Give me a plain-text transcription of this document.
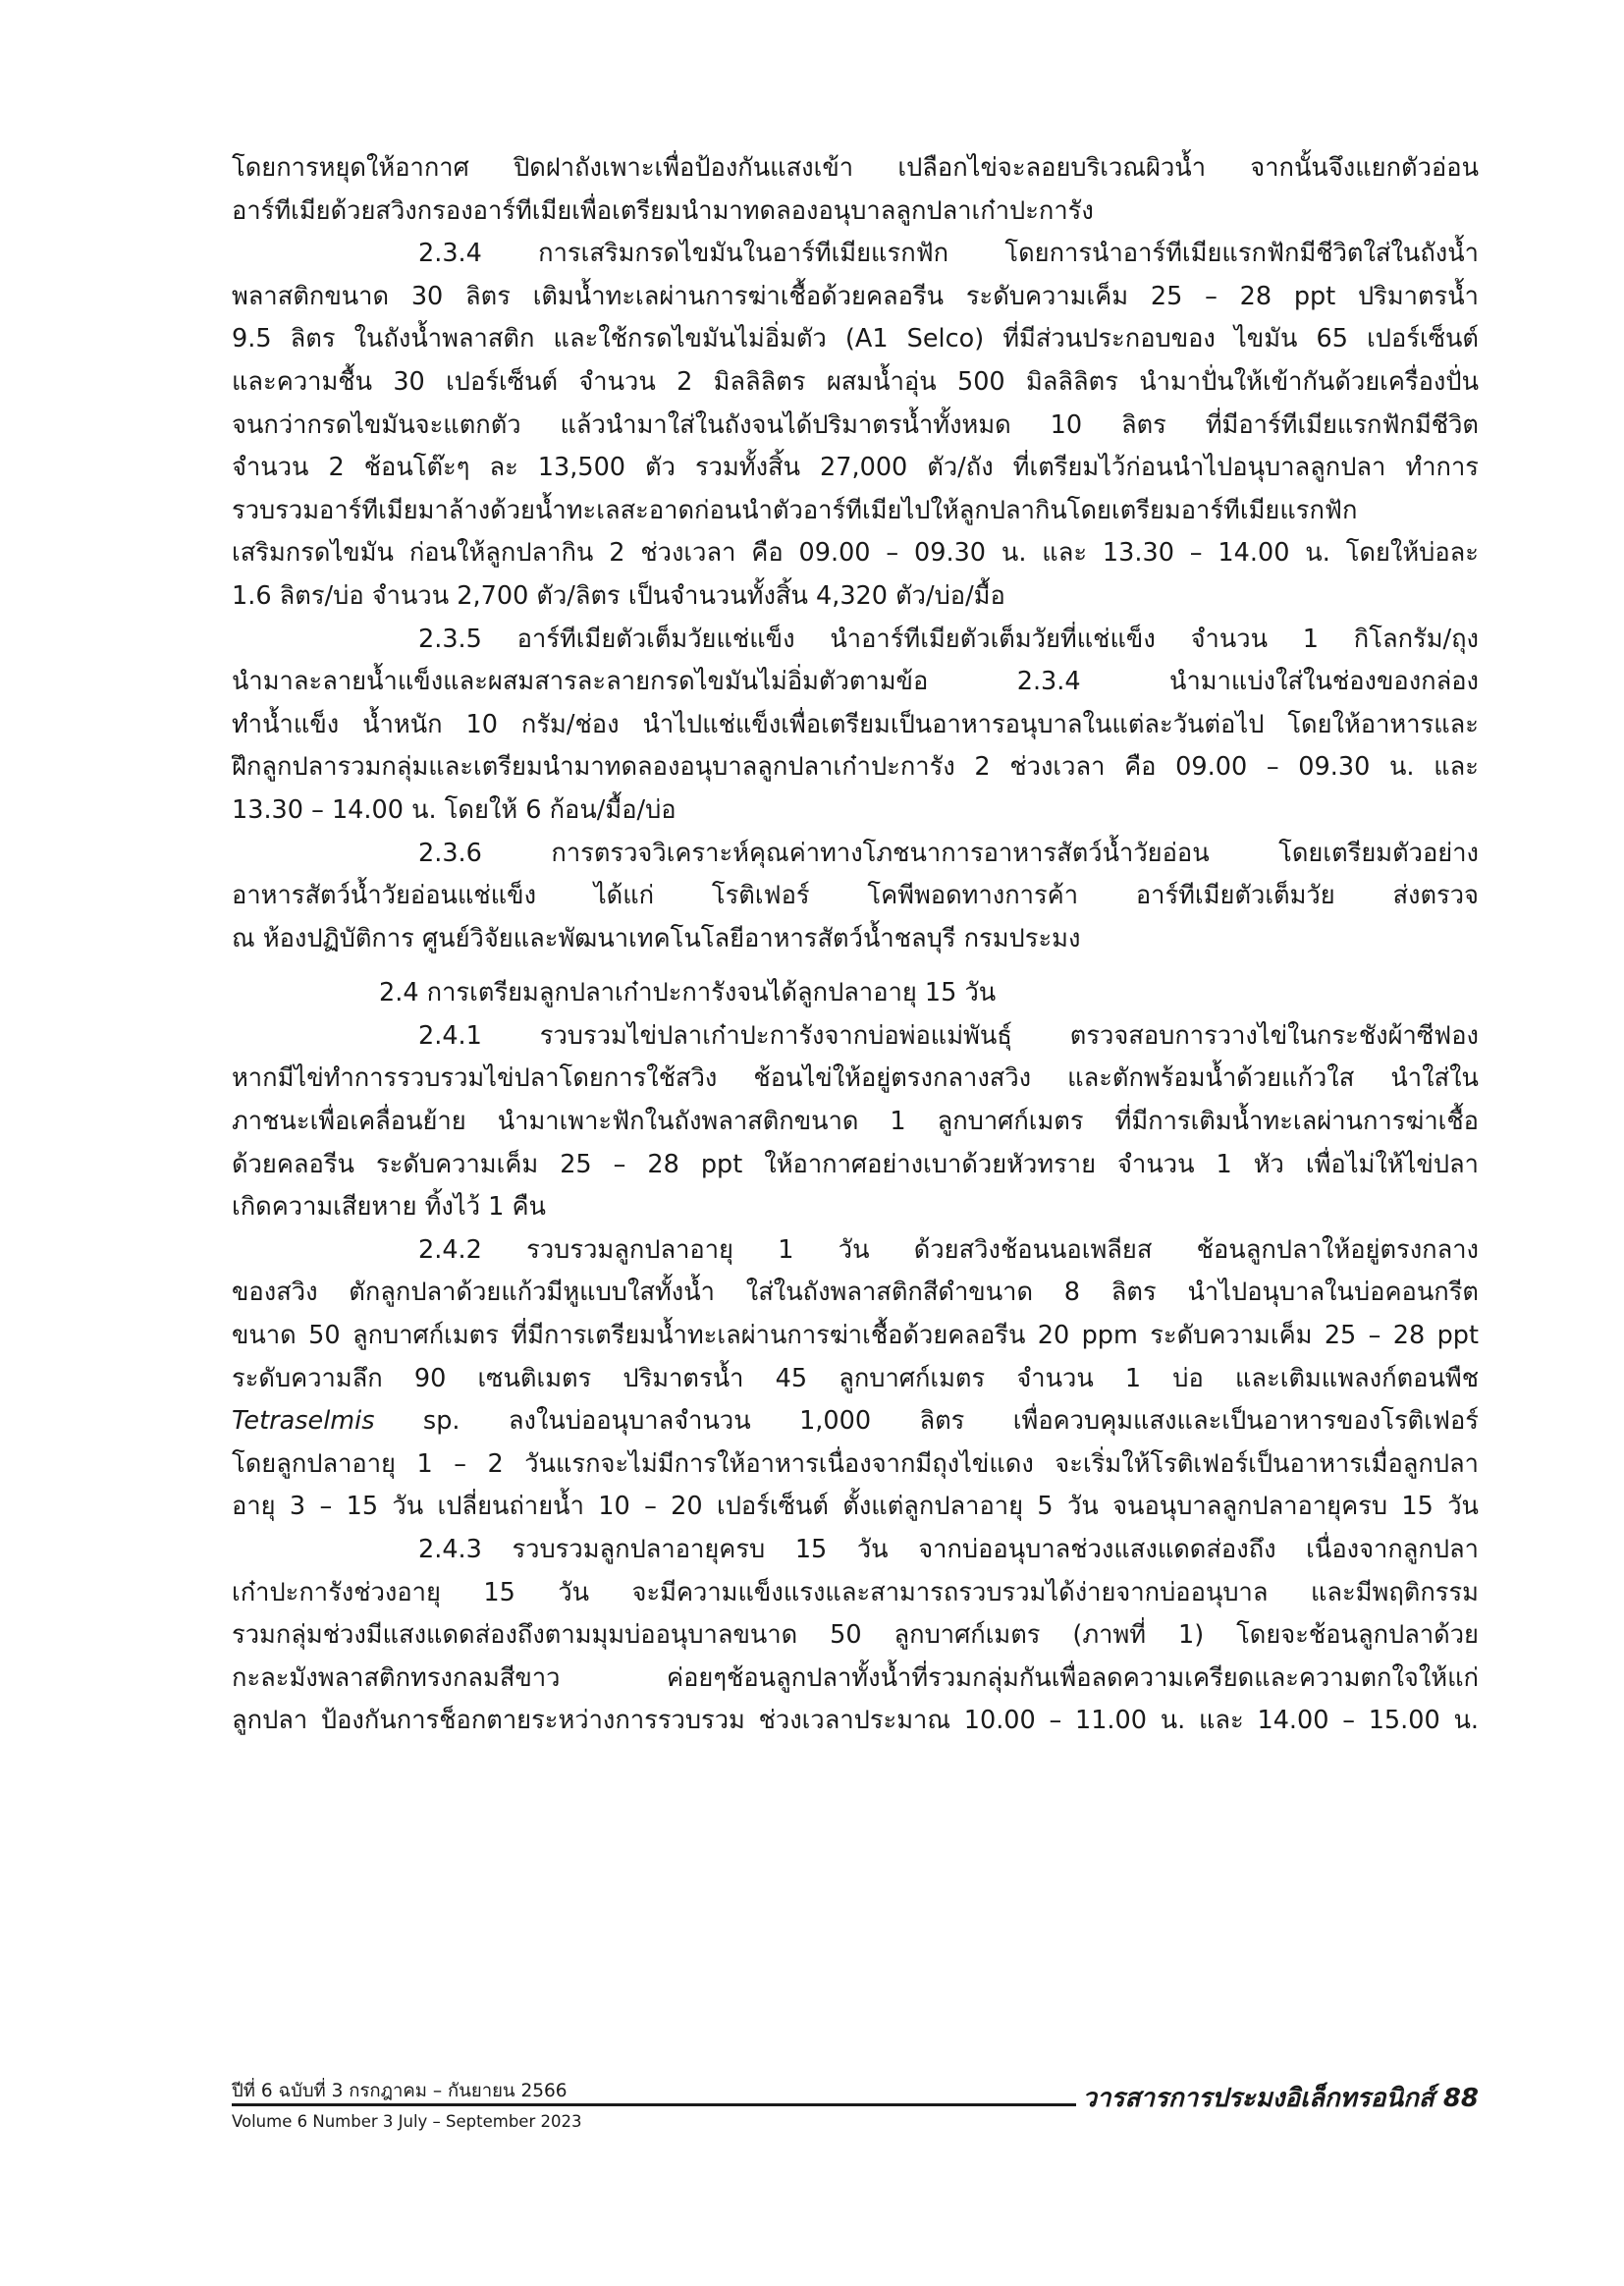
โดยการหยุดให้อากาศ ปิดฝาถังเพาะเพื่อป้องกันแสงเข้า เปลือกไข่จะลอยบริเวณผิวน้ำ จากนั้นจึงแยกตัวอ่อน
อาร์ทีเมียด้วยสวิงกรองอาร์ทีเมียเพื่อเตรียมนำมาทดลองอนุบาลลูกปลาเก๋าปะการัง
2.3.4 การเสริมกรดไขมันในอาร์ทีเมียแรกฟัก โดยการนำอาร์ทีเมียแรกฟักมีชีวิตใส่ในถังน้ำ
พลาสติกขนาด 30 ลิตร เติมน้ำทะเลผ่านการฆ่าเชื้อด้วยคลอรีน ระดับความเค็ม 25 – 28 ppt ปริมาตรน้ำ
9.5 ลิตร ในถังน้ำพลาสติก และใช้กรดไขมันไม่อิ่มตัว (A1 Selco) ที่มีส่วนประกอบของ ไขมัน 65 เปอร์เซ็นต์
และความชื้น 30 เปอร์เซ็นต์ จำนวน 2 มิลลิลิตร ผสมน้ำอุ่น 500 มิลลิลิตร นำมาปั่นให้เข้ากันด้วยเครื่องปั่น
จนกว่ากรดไขมันจะแตกตัว แล้วนำมาใส่ในถังจนได้ปริมาตรน้ำทั้งหมด 10 ลิตร ที่มีอาร์ทีเมียแรกฟักมีชีวิต
จำนวน 2 ช้อนโต๊ะๆ ละ 13,500 ตัว รวมทั้งสิ้น 27,000 ตัว/ถัง ที่เตรียมไว้ก่อนนำไปอนุบาลลูกปลา ทำการ
รวบรวมอาร์ทีเมียมาล้างด้วยน้ำทะเลสะอาดก่อนนำตัวอาร์ทีเมียไปให้ลูกปลากินโดยเตรียมอาร์ทีเมียแรกฟัก
เสริมกรดไขมัน ก่อนให้ลูกปลากิน 2 ช่วงเวลา คือ 09.00 – 09.30 น. และ 13.30 – 14.00 น. โดยให้บ่อละ
1.6 ลิตร/บ่อ จำนวน 2,700 ตัว/ลิตร เป็นจำนวนทั้งสิ้น 4,320 ตัว/บ่อ/มื้อ
2.3.5 อาร์ทีเมียตัวเต็มวัยแช่แข็ง นำอาร์ทีเมียตัวเต็มวัยที่แช่แข็ง จำนวน 1 กิโลกรัม/ถุง
นำมาละลายน้ำแข็งและผสมสารละลายกรดไขมันไม่อิ่มตัวตามข้อ 2.3.4 นำมาแบ่งใส่ในช่องของกล่อง
ทำน้ำแข็ง น้ำหนัก 10 กรัม/ช่อง นำไปแช่แข็งเพื่อเตรียมเป็นอาหารอนุบาลในแต่ละวันต่อไป โดยให้อาหารและ
ฝึกลูกปลารวมกลุ่มและเตรียมนำมาทดลองอนุบาลลูกปลาเก๋าปะการัง 2 ช่วงเวลา คือ 09.00 – 09.30 น. และ
13.30 – 14.00 น. โดยให้ 6 ก้อน/มื้อ/บ่อ
2.3.6 การตรวจวิเคราะห์คุณค่าทางโภชนาการอาหารสัตว์น้ำวัยอ่อน โดยเตรียมตัวอย่าง
อาหารสัตว์น้ำวัยอ่อนแช่แข็ง ได้แก่ โรติเฟอร์ โคพีพอดทางการค้า อาร์ทีเมียตัวเต็มวัย ส่งตรวจ
ณ ห้องปฏิบัติการ ศูนย์วิจัยและพัฒนาเทคโนโลยีอาหารสัตว์น้ำชลบุรี กรมประมง
2.4 การเตรียมลูกปลาเก๋าปะการังจนได้ลูกปลาอายุ 15 วัน
2.4.1 รวบรวมไข่ปลาเก๋าปะการังจากบ่อพ่อแม่พันธุ์ ตรวจสอบการวางไข่ในกระชังผ้าซีฟอง
หากมีไข่ทำการรวบรวมไข่ปลาโดยการใช้สวิง ช้อนไข่ให้อยู่ตรงกลางสวิง และตักพร้อมน้ำด้วยแก้วใส นำใส่ใน
ภาชนะเพื่อเคลื่อนย้าย นำมาเพาะฟักในถังพลาสติกขนาด 1 ลูกบาศก์เมตร ที่มีการเติมน้ำทะเลผ่านการฆ่าเชื้อ
ด้วยคลอรีน ระดับความเค็ม 25 – 28 ppt ให้อากาศอย่างเบาด้วยหัวทราย จำนวน 1 หัว เพื่อไม่ให้ไข่ปลา
เกิดความเสียหาย ทิ้งไว้ 1 คืน
2.4.2 รวบรวมลูกปลาอายุ 1 วัน ด้วยสวิงช้อนนอเพลียส ช้อนลูกปลาให้อยู่ตรงกลาง
ของสวิง ตักลูกปลาด้วยแก้วมีหูแบบใสทั้งน้ำ ใส่ในถังพลาสติกสีดำขนาด 8 ลิตร นำไปอนุบาลในบ่อคอนกรีต
ขนาด 50 ลูกบาศก์เมตร ที่มีการเตรียมน้ำทะเลผ่านการฆ่าเชื้อด้วยคลอรีน 20 ppm ระดับความเค็ม 25 – 28 ppt
ระดับความลึก 90 เซนติเมตร ปริมาตรน้ำ 45 ลูกบาศก์เมตร จำนวน 1 บ่อ และเติมแพลงก์ตอนพืช
Tetraselmis sp. ลงในบ่ออนุบาลจำนวน 1,000 ลิตร เพื่อควบคุมแสงและเป็นอาหารของโรติเฟอร์
โดยลูกปลาอายุ 1 – 2 วันแรกจะไม่มีการให้อาหารเนื่องจากมีถุงไข่แดง จะเริ่มให้โรติเฟอร์เป็นอาหารเมื่อลูกปลา
อายุ 3 – 15 วัน เปลี่ยนถ่ายน้ำ 10 – 20 เปอร์เซ็นต์ ตั้งแต่ลูกปลาอายุ 5 วัน จนอนุบาลลูกปลาอายุครบ 15 วัน
2.4.3 รวบรวมลูกปลาอายุครบ 15 วัน จากบ่ออนุบาลช่วงแสงแดดส่องถึง เนื่องจากลูกปลา
เก๋าปะการังช่วงอายุ 15 วัน จะมีความแข็งแรงและสามารถรวบรวมได้ง่ายจากบ่ออนุบาล และมีพฤติกรรม
รวมกลุ่มช่วงมีแสงแดดส่องถึงตามมุมบ่ออนุบาลขนาด 50 ลูกบาศก์เมตร (ภาพที่ 1) โดยจะช้อนลูกปลาด้วย
กะละมังพลาสติกทรงกลมสีขาว ค่อยๆช้อนลูกปลาทั้งน้ำที่รวมกลุ่มกันเพื่อลดความเครียดและความตกใจให้แก่
ลูกปลา ป้องกันการช็อกตายระหว่างการรวบรวม ช่วงเวลาประมาณ 10.00 – 11.00 น. และ 14.00 – 15.00 น.
ปีที่ 6 ฉบับที่ 3 กรกฎาคม – กันยายน 2566
Volume 6 Number 3 July – September 2023
วารสารการประมงอิเล็กทรอนิกส์ 88
